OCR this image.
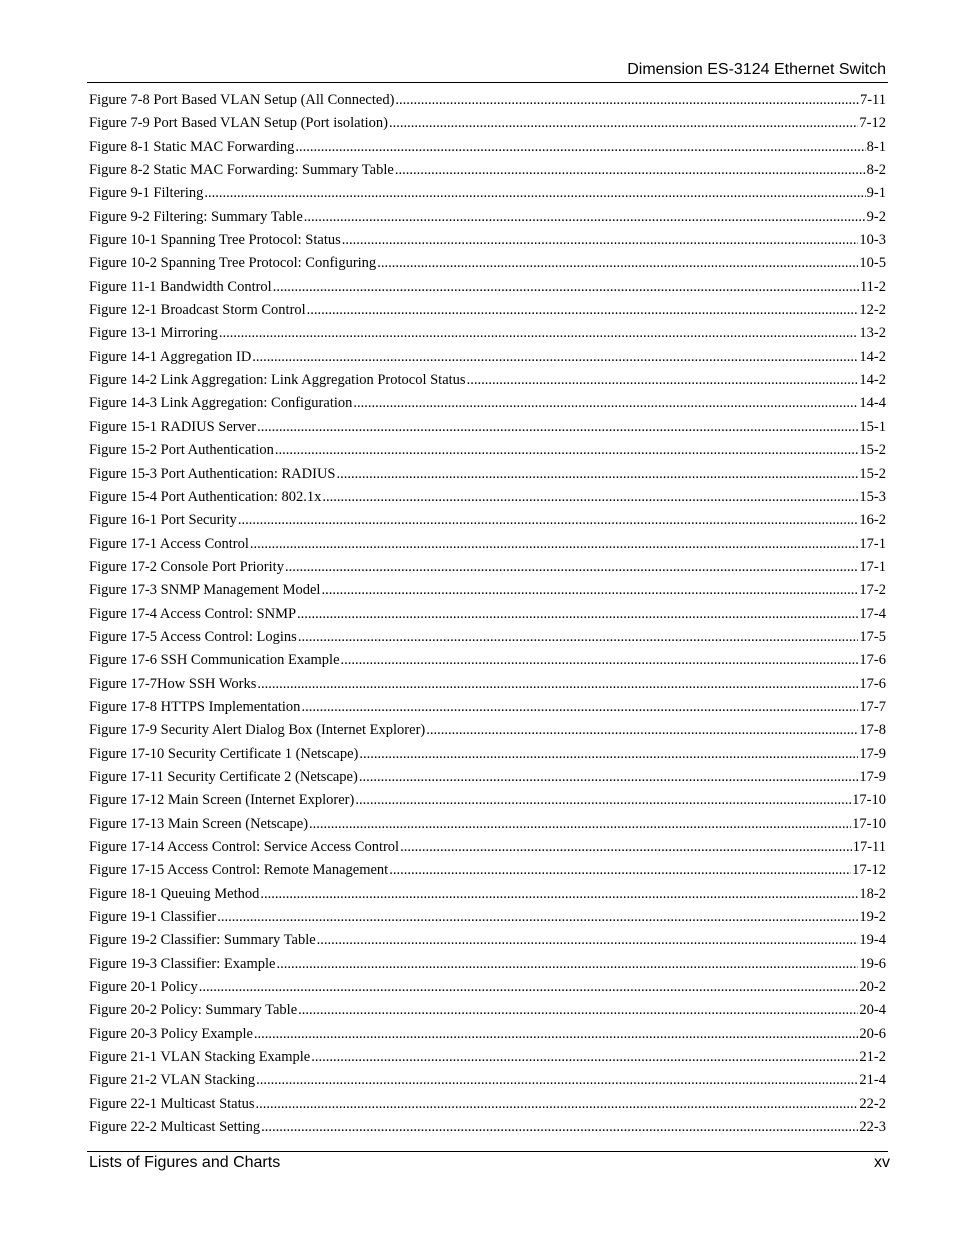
Dimension ES-3124 Ethernet Switch
Figure 7-8 Port Based VLAN Setup (All Connected) .....	7-11
Figure 7-9 Port Based VLAN Setup (Port isolation) .....	7-12
Figure 8-1 Static MAC Forwarding .....	8-1
Figure 8-2 Static MAC Forwarding: Summary Table .....	8-2
Figure 9-1 Filtering .....	9-1
Figure 9-2 Filtering: Summary Table .....	9-2
Figure 10-1 Spanning Tree Protocol: Status .....	10-3
Figure 10-2 Spanning Tree Protocol: Configuring .....	10-5
Figure 11-1 Bandwidth Control .....	11-2
Figure 12-1 Broadcast Storm Control .....	12-2
Figure 13-1 Mirroring .....	13-2
Figure 14-1 Aggregation ID .....	14-2
Figure 14-2 Link Aggregation: Link Aggregation Protocol Status .....	14-2
Figure 14-3 Link Aggregation: Configuration .....	14-4
Figure 15-1 RADIUS Server .....	15-1
Figure 15-2 Port Authentication .....	15-2
Figure 15-3 Port Authentication: RADIUS .....	15-2
Figure 15-4 Port Authentication: 802.1x .....	15-3
Figure 16-1 Port Security .....	16-2
Figure 17-1 Access Control .....	17-1
Figure 17-2 Console Port Priority .....	17-1
Figure 17-3 SNMP Management Model .....	17-2
Figure 17-4 Access Control: SNMP .....	17-4
Figure 17-5 Access Control: Logins .....	17-5
Figure 17-6 SSH Communication Example .....	17-6
Figure 17-7How SSH Works .....	17-6
Figure 17-8 HTTPS Implementation .....	17-7
Figure 17-9 Security Alert Dialog Box (Internet Explorer) .....	17-8
Figure 17-10 Security Certificate 1 (Netscape) .....	17-9
Figure 17-11 Security Certificate 2 (Netscape) .....	17-9
Figure 17-12 Main Screen (Internet Explorer) .....	17-10
Figure 17-13 Main Screen (Netscape) .....	17-10
Figure 17-14 Access Control: Service Access Control .....	17-11
Figure 17-15 Access Control: Remote Management .....	17-12
Figure 18-1 Queuing Method .....	18-2
Figure 19-1 Classifier .....	19-2
Figure 19-2 Classifier: Summary Table .....	19-4
Figure 19-3 Classifier: Example .....	19-6
Figure 20-1 Policy .....	20-2
Figure 20-2 Policy: Summary Table .....	20-4
Figure 20-3 Policy Example .....	20-6
Figure 21-1 VLAN Stacking Example .....	21-2
Figure 21-2 VLAN Stacking .....	21-4
Figure 22-1 Multicast Status .....	22-2
Figure 22-2 Multicast Setting .....	22-3
Lists of Figures and Charts	xv
